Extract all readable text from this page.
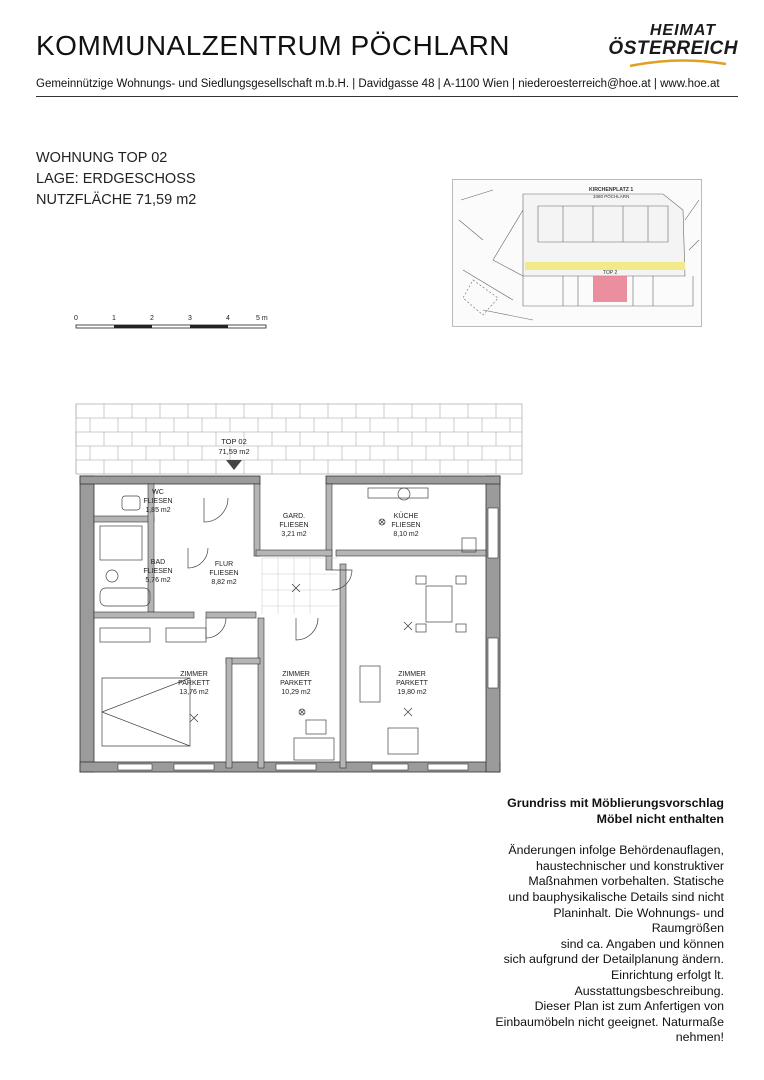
KOMMUNALZENTRUM PÖCHLARN	HEIMAT
ÖSTERREICH
Gemeinnützige Wohnungs- und Siedlungsgesellschaft m.b.H. | Davidgasse 48 | A-1100 Wien | niederoesterreich@hoe.at | www.hoe.at
WOHNUNG TOP 02
LAGE: ERDGESCHOSS
NUTZFLÄCHE 71,59 m2
KIRCHENPLATZ 1
3380 PÖCHLARN
TOP 2
0	1	2	3	4	5 m
TOP 02
71,59 m2
WC
FLIESEN
1,85 m2
GARD.
FLIESEN
3,21 m2
KÜCHE
FLIESEN
8,10 m2
BAD
FLIESEN
5,76 m2
FLUR
FLIESEN
8,82 m2
ZIMMER
PARKETT
13,76 m2
ZIMMER
PARKETT
10,29 m2
ZIMMER
PARKETT
19,80 m2
Grundriss mit Möblierungsvorschlag
Möbel nicht enthalten
Änderungen infolge Behördenauflagen,
haustechnischer und konstruktiver
Maßnahmen vorbehalten. Statische
und bauphysikalische Details sind nicht
Planinhalt. Die Wohnungs- und
Raumgrößen
sind ca. Angaben und können
sich aufgrund der Detailplanung ändern.
Einrichtung erfolgt lt.
Ausstattungsbeschreibung.
Dieser Plan ist zum Anfertigen von
Einbaumöbeln nicht geeignet. Naturmaße
nehmen!
